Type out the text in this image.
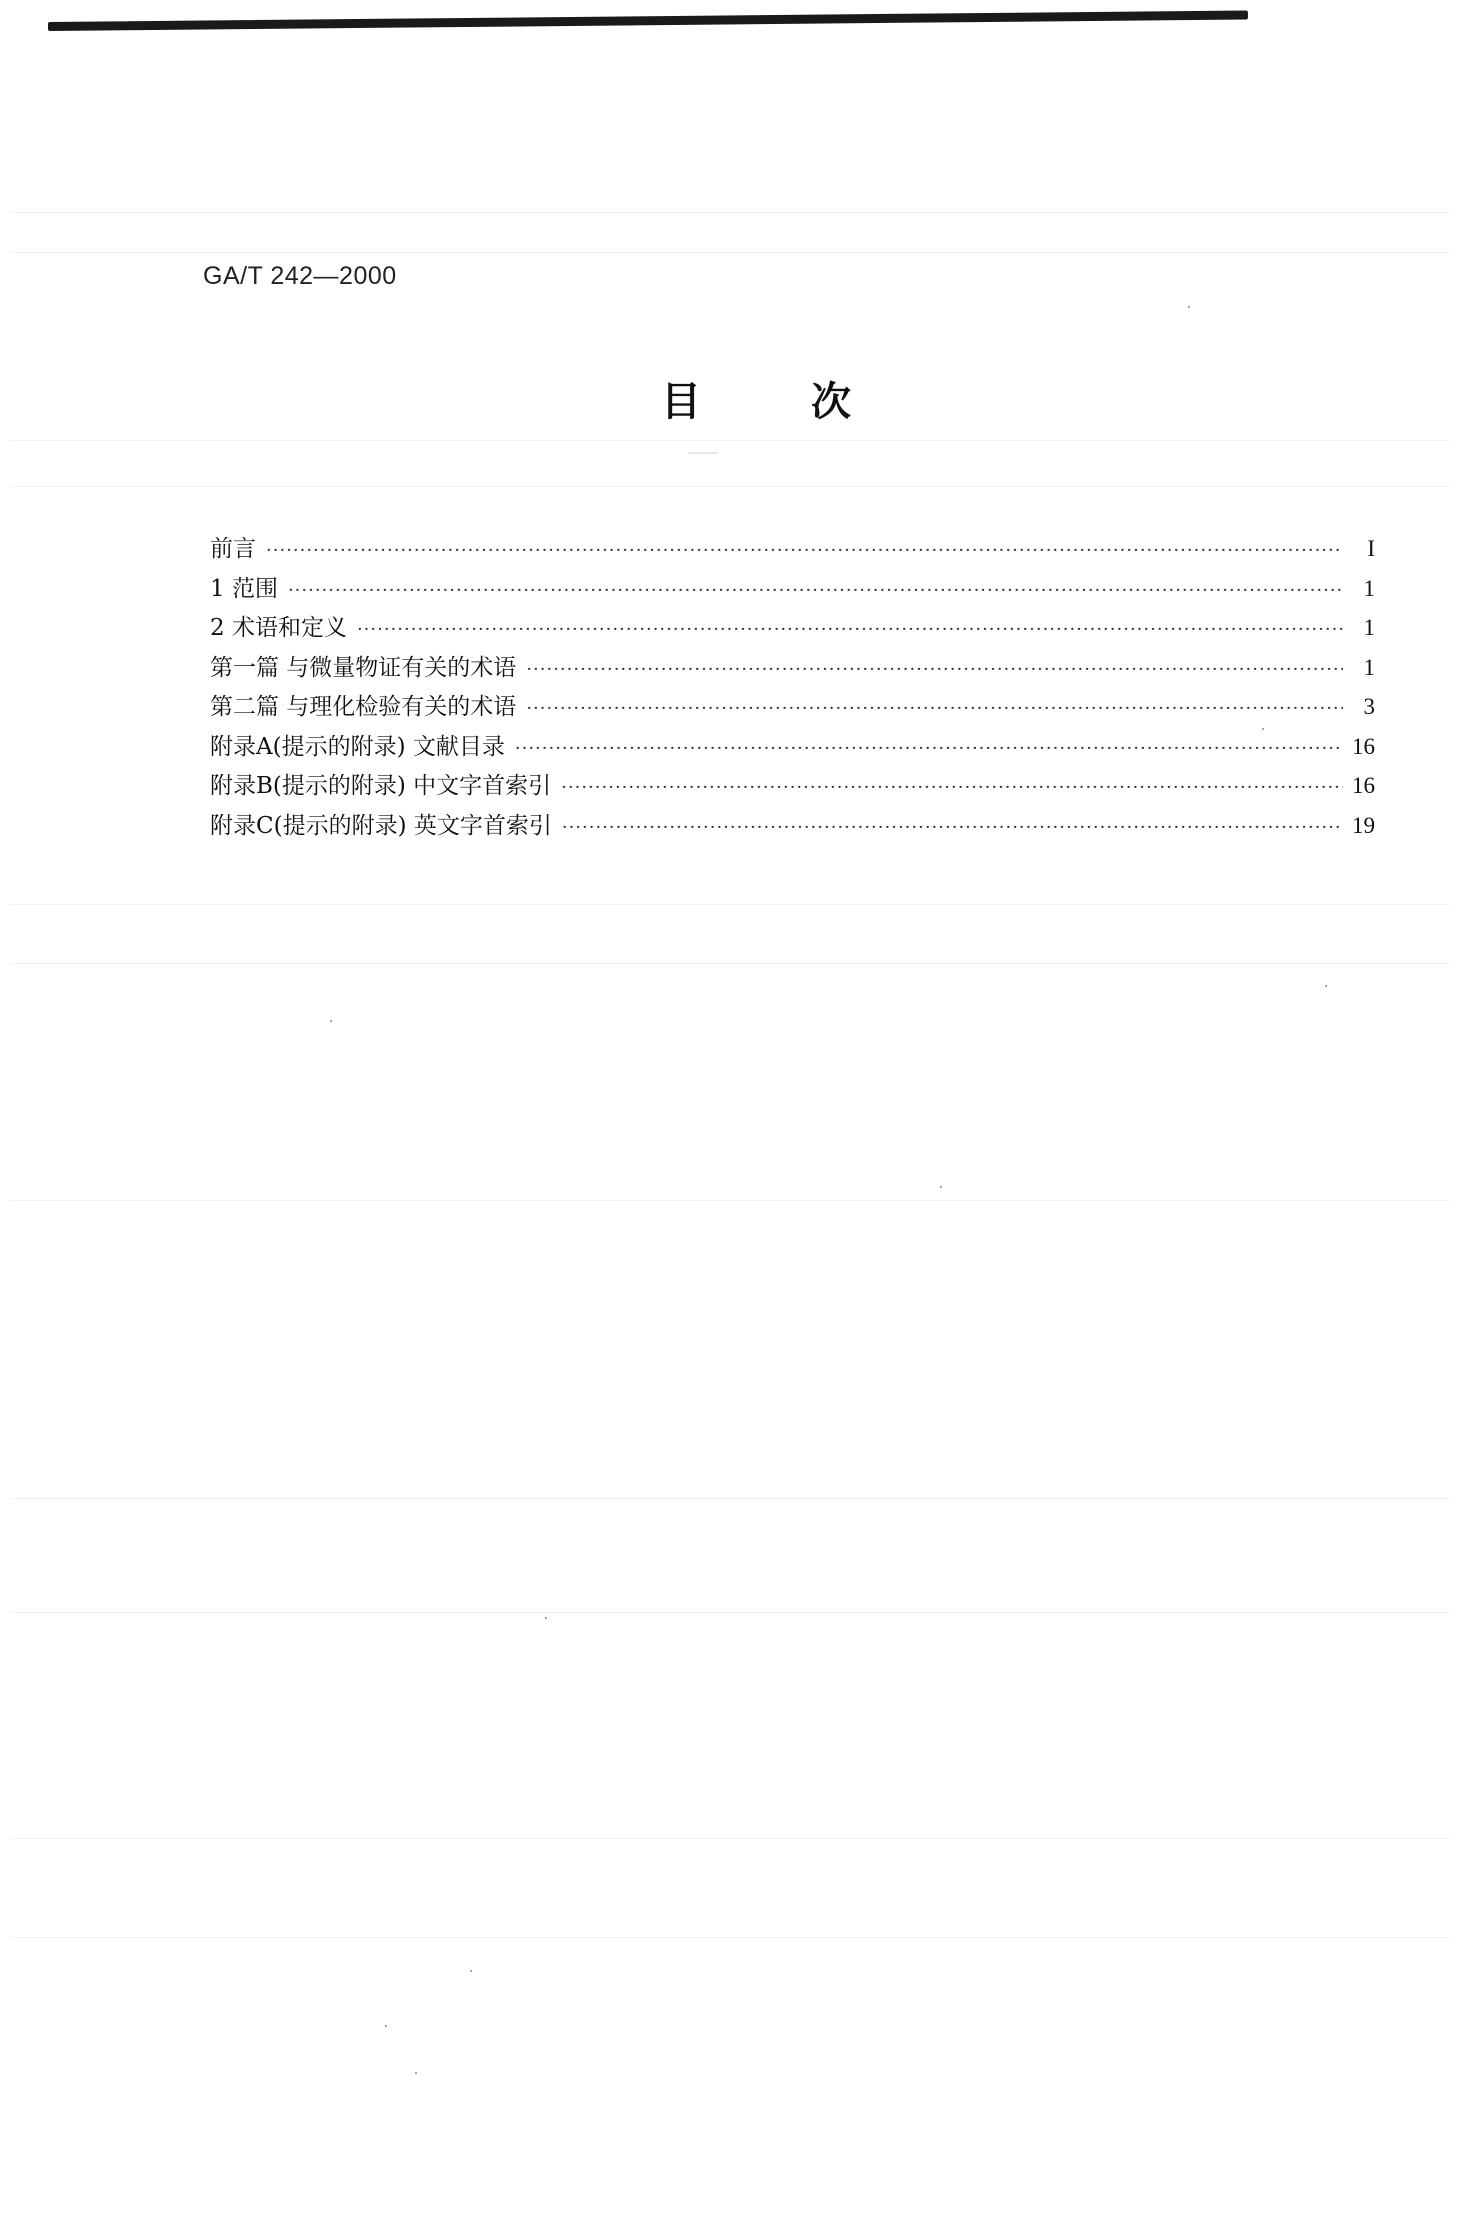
GA/T 242—2000
目次
前言 ·····	I
1 范围 ·····	1
2 术语和定义 ·····	1
第一篇 与微量物证有关的术语 ·····	1
第二篇 与理化检验有关的术语 ·····	3
附录A(提示的附录) 文献目录 ·····	16
附录B(提示的附录) 中文字首索引 ·····	16
附录C(提示的附录) 英文字首索引 ·····	19
